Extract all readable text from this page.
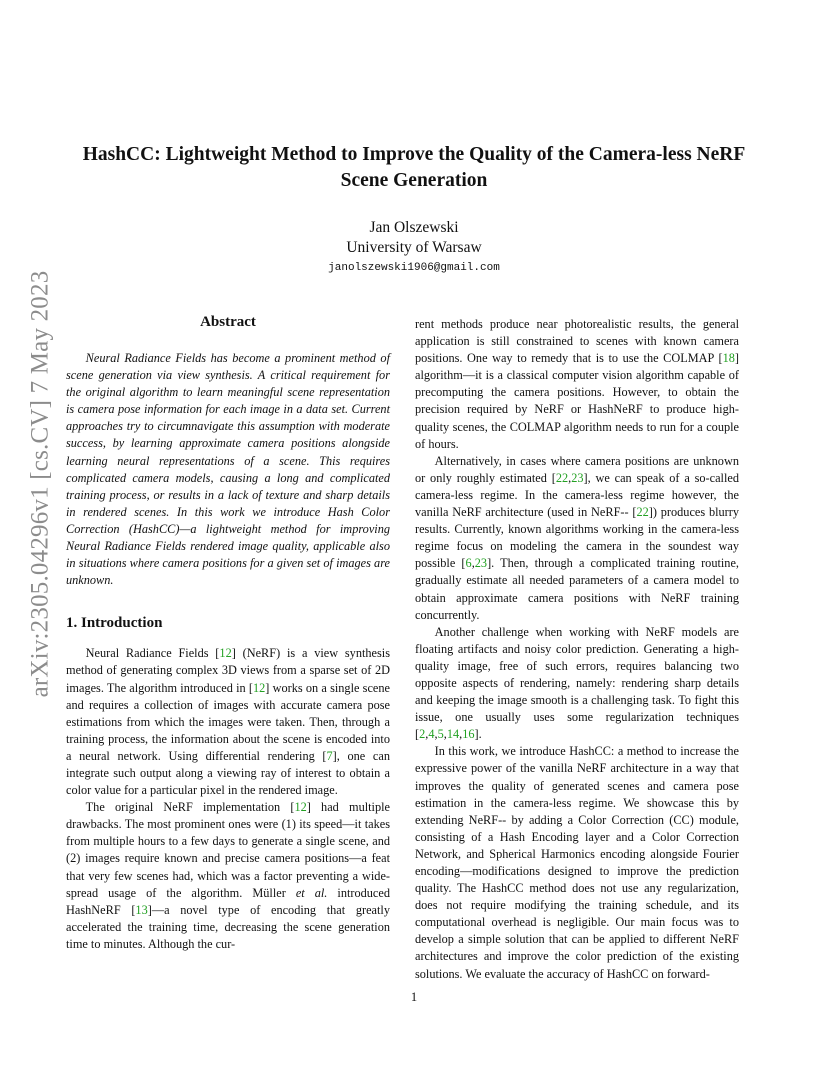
arXiv:2305.04296v1 [cs.CV] 7 May 2023
HashCC: Lightweight Method to Improve the Quality of the Camera-less NeRF
Scene Generation
Jan Olszewski
University of Warsaw
janolszewski1906@gmail.com
Abstract

Neural Radiance Fields has become a prominent method of scene generation via view synthesis. A critical requirement for the original algorithm to learn meaningful scene representation is camera pose information for each image in a data set. Current approaches try to circumnavigate this assumption with moderate success, by learning approximate camera positions alongside learning neural representations of a scene. This requires complicated camera models, causing a long and complicated training process, or results in a lack of texture and sharp details in rendered scenes. In this work we introduce Hash Color Correction (HashCC)—a lightweight method for improving Neural Radiance Fields rendered image quality, applicable also in situations where camera positions for a given set of images are unknown.

1. Introduction

Neural Radiance Fields [12] (NeRF) is a view synthesis method of generating complex 3D views from a sparse set of 2D images. The algorithm introduced in [12] works on a single scene and requires a collection of images with accurate camera pose estimations from which the images were taken. Then, through a training process, the information about the scene is encoded into a neural network. Using differential rendering [7], one can integrate such output along a viewing ray of interest to obtain a color value for a particular pixel in the rendered image.

The original NeRF implementation [12] had multiple drawbacks. The most prominent ones were (1) its speed—it takes from multiple hours to a few days to generate a single scene, and (2) images require known and precise camera positions—a feat that very few scenes had, which was a factor preventing a wide-spread usage of the algorithm. Müller et al. introduced HashNeRF [13]—a novel type of encoding that greatly accelerated the training time, decreasing the scene generation time to minutes. Although the cur-

rent methods produce near photorealistic results, the general application is still constrained to scenes with known camera positions. One way to remedy that is to use the COLMAP [18] algorithm—it is a classical computer vision algorithm capable of precomputing the camera positions. However, to obtain the precision required by NeRF or HashNeRF to produce high-quality scenes, the COLMAP algorithm needs to run for a couple of hours.

Alternatively, in cases where camera positions are unknown or only roughly estimated [22,23], we can speak of a so-called camera-less regime. In the camera-less regime however, the vanilla NeRF architecture (used in NeRF-- [22]) produces blurry results. Currently, known algorithms working in the camera-less regime focus on modeling the camera in the soundest way possible [6,23]. Then, through a complicated training routine, gradually estimate all needed parameters of a camera model to obtain approximate camera positions with NeRF training concurrently.

Another challenge when working with NeRF models are floating artifacts and noisy color prediction. Generating a high-quality image, free of such errors, requires balancing two opposite aspects of rendering, namely: rendering sharp details and keeping the image smooth is a challenging task. To fight this issue, one usually uses some regularization techniques [2,4,5,14,16].

In this work, we introduce HashCC: a method to increase the expressive power of the vanilla NeRF architecture in a way that improves the quality of generated scenes and camera pose estimation in the camera-less regime. We showcase this by extending NeRF-- by adding a Color Correction (CC) module, consisting of a Hash Encoding layer and a Color Correction Network, and Spherical Harmonics encoding alongside Fourier encoding—modifications designed to improve the prediction quality. The HashCC method does not use any regularization, does not require modifying the training schedule, and its computational overhead is negligible. Our main focus was to develop a simple solution that can be applied to different NeRF architectures and improve the color prediction of the existing solutions. We evaluate the accuracy of HashCC on forward-

1
